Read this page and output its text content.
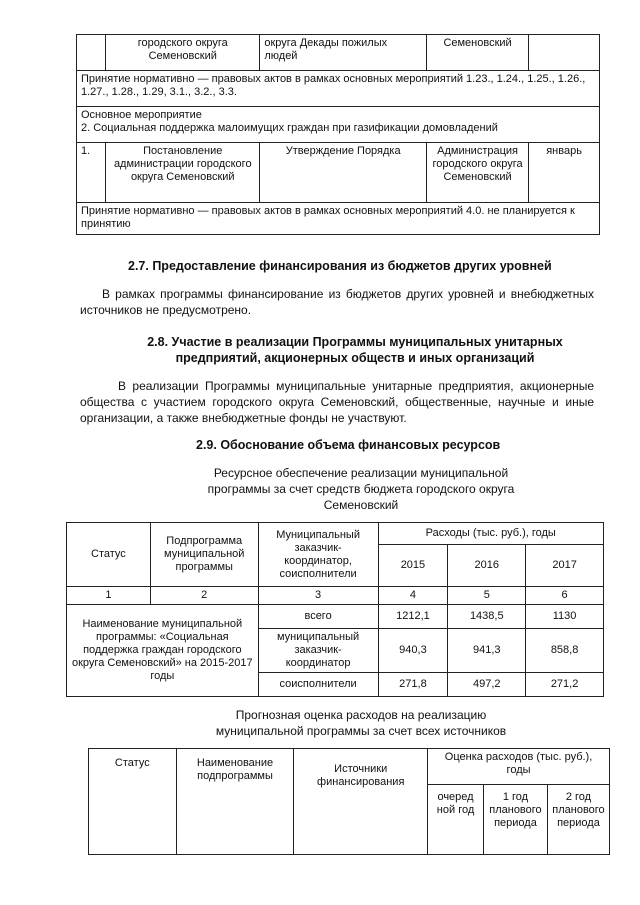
	городского округа Семеновский	округа Декады пожилых людей	Семеновский	
Принятие нормативно — правовых актов в рамках основных мероприятий 1.23., 1.24., 1.25., 1.26., 1.27., 1.28., 1.29, 3.1., 3.2., 3.3.				

Основное мероприятие
2. Социальная поддержка малоимущих граждан при газификации домовладений				

1.	Постановление администрации городского округа Семеновский	Утверждение Порядка	Администрация городского округа Семеновский	январь
Принятие нормативно — правовых актов в рамках основных мероприятий 4.0. не планируется к принятию				
2.7. Предоставление финансирования из бюджетов других уровней
В рамках программы финансирование из бюджетов других уровней и внебюджетных источников не предусмотрено.
2.8. Участие в реализации Программы муниципальных унитарных предприятий, акционерных обществ и иных организаций
В реализации Программы муниципальные унитарные предприятия, акционерные общества с участием городского округа Семеновский, общественные, научные и иные организации, а также внебюджетные фонды не участвуют.
2.9. Обоснование объема финансовых ресурсов
Ресурсное обеспечение реализации муниципальной программы за счет средств бюджета городского округа Семеновский
Статус	Подпрограмма муниципальной программы	Муниципальный заказчик-координатор, соисполнители	Расходы (тыс. руб.), годы		
			2015	2016	2017
1	2	3	4	5	6
Наименование муниципальной программы: «Социальная поддержка граждан городского округа Семеновский» на 2015-2017 годы		всего	1212,1	1438,5	1130
		муниципальный заказчик-координатор	940,3	941,3	858,8
		соисполнители	271,8	497,2	271,2
Прогнозная оценка расходов на реализацию муниципальной программы за счет всех источников
Статус	Наименование подпрограммы	Источники финансирования	Оценка расходов (тыс. руб.), годы		
			очеред ной год	1 год планового периода	2 год планового периода
